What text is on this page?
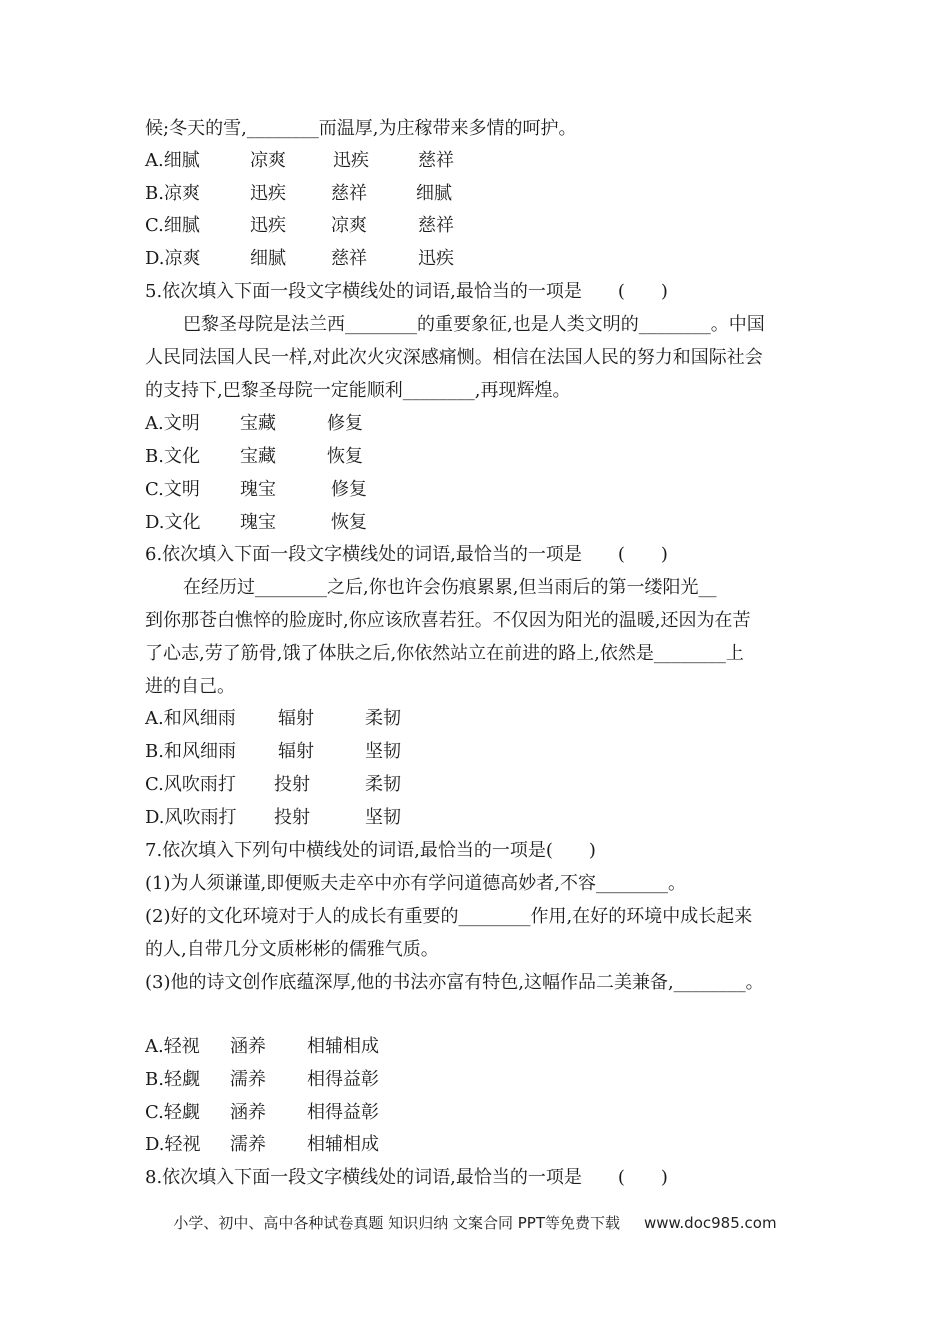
候;冬天的雪,________而温厚,为庄稼带来多情的呵护。
A.细腻	凉爽	迅疾	慈祥
B.凉爽	迅疾	慈祥	细腻
C.细腻	迅疾	凉爽	慈祥
D.凉爽	细腻	慈祥	迅疾
5.依次填入下面一段文字横线处的词语,最恰当的一项是　　(　　)
巴黎圣母院是法兰西________的重要象征,也是人类文明的________。中国
人民同法国人民一样,对此次火灾深感痛恻。相信在法国人民的努力和国际社会
的支持下,巴黎圣母院一定能顺利________,再现辉煌。
A.文明 宝藏	修复
B.文化 宝藏	恢复
C.文明 瑰宝	修复
D.文化 瑰宝	恢复
6.依次填入下面一段文字横线处的词语,最恰当的一项是　　(　　)
在经历过________之后,你也许会伤痕累累,但当雨后的第一缕阳光__
到你那苍白憔悴的脸庞时,你应该欣喜若狂。不仅因为阳光的温暖,还因为在苦
了心志,劳了筋骨,饿了体肤之后,你依然站立在前进的路上,依然是________上
进的自己。
A.和风细雨 辐射	柔韧
B.和风细雨 辐射	坚韧
C.风吹雨打 投射	柔韧
D.风吹雨打 投射	坚韧
7.依次填入下列句中横线处的词语,最恰当的一项是(　　)
(1)为人须谦谨,即便贩夫走卒中亦有学问道德高妙者,不容________。
(2)好的文化环境对于人的成长有重要的________作用,在好的环境中成长起来
的人,自带几分文质彬彬的儒雅气质。
(3)他的诗文创作底蕴深厚,他的书法亦富有特色,这幅作品二美兼备,________。
A.轻视 涵养 相辅相成
B.轻觑 濡养 相得益彰
C.轻觑 涵养 相得益彰
D.轻视 濡养 相辅相成
8.依次填入下面一段文字横线处的词语,最恰当的一项是　　(　　)
小学、初中、高中各种试卷真题 知识归纳 文案合同 PPT等免费下载 www.doc985.com
